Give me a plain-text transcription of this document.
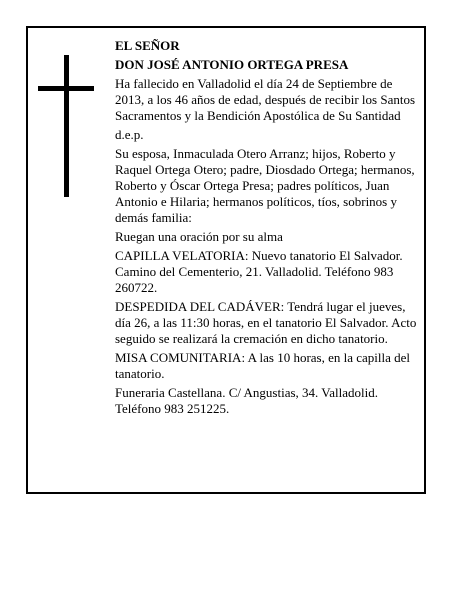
EL SEÑOR

DON JOSÉ ANTONIO ORTEGA PRESA

Ha fallecido en Valladolid el día 24 de Septiembre de 2013, a los 46 años de edad, después de recibir los Santos Sacramentos y la Bendición Apostólica de Su Santidad

d.e.p.

Su esposa, Inmaculada Otero Arranz; hijos, Roberto y Raquel Ortega Otero; padre, Diosdado Ortega; hermanos, Roberto y Óscar Ortega Presa; padres políticos, Juan Antonio e Hilaria; hermanos políticos, tíos, sobrinos y demás familia:

Ruegan una oración por su alma

CAPILLA VELATORIA: Nuevo tanatorio El Salvador. Camino del Cementerio, 21. Valladolid. Teléfono 983 260722.

DESPEDIDA DEL CADÁVER: Tendrá lugar el jueves, día 26, a las 11:30 horas, en el tanatorio El Salvador. Acto seguido se realizará la cremación en dicho tanatorio.

MISA COMUNITARIA: A las 10 horas, en la capilla del tanatorio.

Funeraria Castellana. C/ Angustias, 34. Valladolid. Teléfono 983 251225.
